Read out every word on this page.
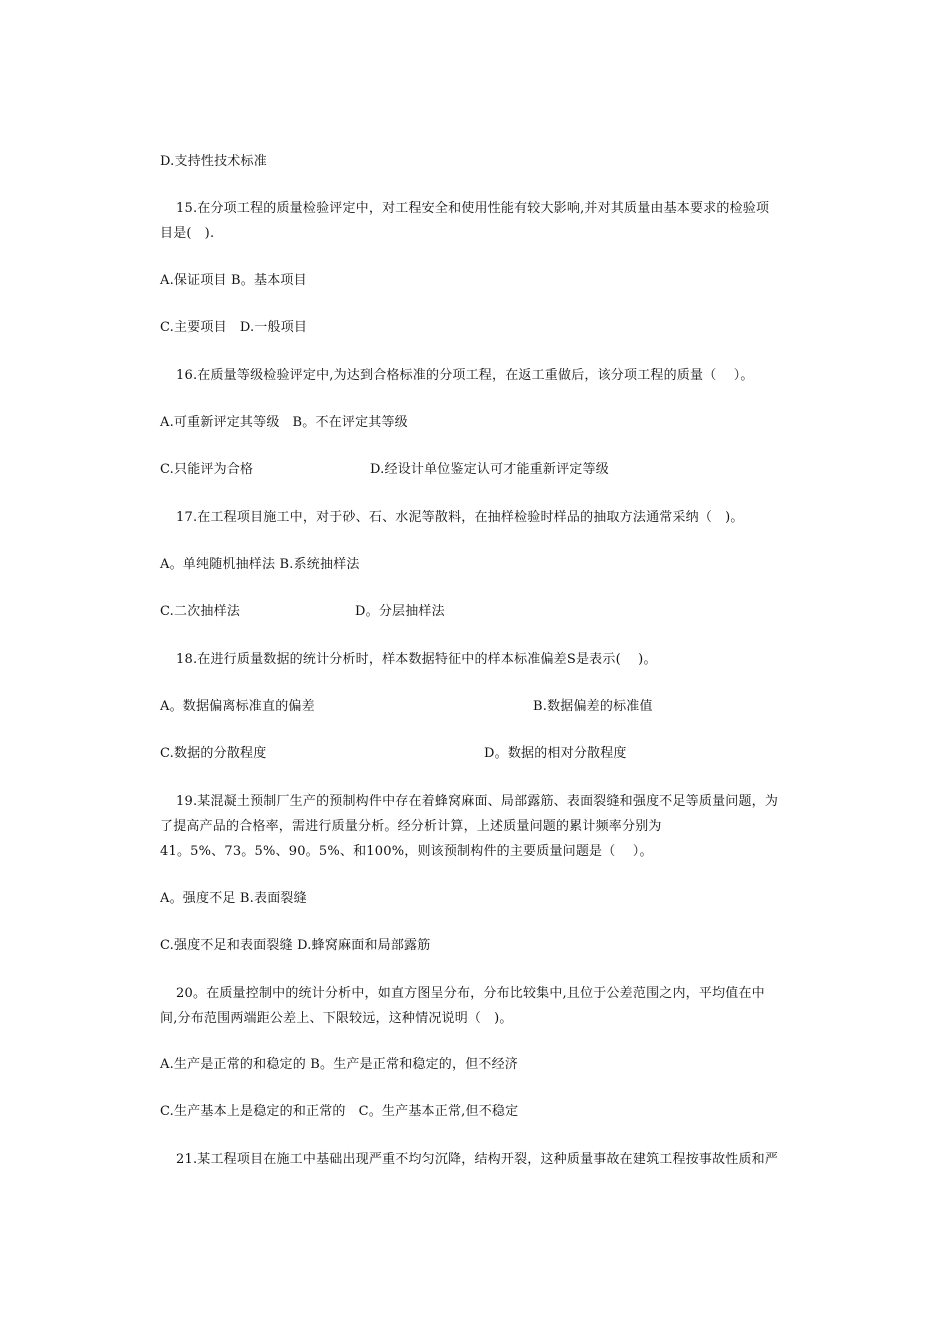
D.支持性技术标准
15.在分项工程的质量检验评定中，对工程安全和使用性能有较大影响,并对其质量由基本要求的检验项
目是(   ).
A.保证项目 B。基本项目
C.主要项目   D.一般项目
16.在质量等级检验评定中,为达到合格标准的分项工程，在返工重做后，该分项工程的质量（    ）。
A.可重新评定其等级   B。不在评定其等级
C.只能评为合格	D.经设计单位鉴定认可才能重新评定等级
17.在工程项目施工中，对于砂、石、水泥等散料，在抽样检验时样品的抽取方法通常采纳（   )。
A。单纯随机抽样法 B.系统抽样法
C.二次抽样法	D。分层抽样法
18.在进行质量数据的统计分析时，样本数据特征中的样本标准偏差S是表示(    )。
A。数据偏离标准直的偏差	B.数据偏差的标准值
C.数据的分散程度	D。数据的相对分散程度
19.某混凝土预制厂生产的预制构件中存在着蜂窝麻面、局部露筋、表面裂缝和强度不足等质量问题，为
了提高产品的合格率，需进行质量分析。经分析计算，上述质量问题的累计频率分别为
41。5%、73。5%、90。5%、和100%，则该预制构件的主要质量问题是（    ）。
A。强度不足 B.表面裂缝
C.强度不足和表面裂缝 D.蜂窝麻面和局部露筋
20。在质量控制中的统计分析中，如直方图呈分布，分布比较集中,且位于公差范围之内，平均值在中
间,分布范围两端距公差上、下限较远，这种情况说明（   )。
A.生产是正常的和稳定的 B。生产是正常和稳定的，但不经济
C.生产基本上是稳定的和正常的   C。生产基本正常,但不稳定
21.某工程项目在施工中基础出现严重不均匀沉降，结构开裂，这种质量事故在建筑工程按事故性质和严
